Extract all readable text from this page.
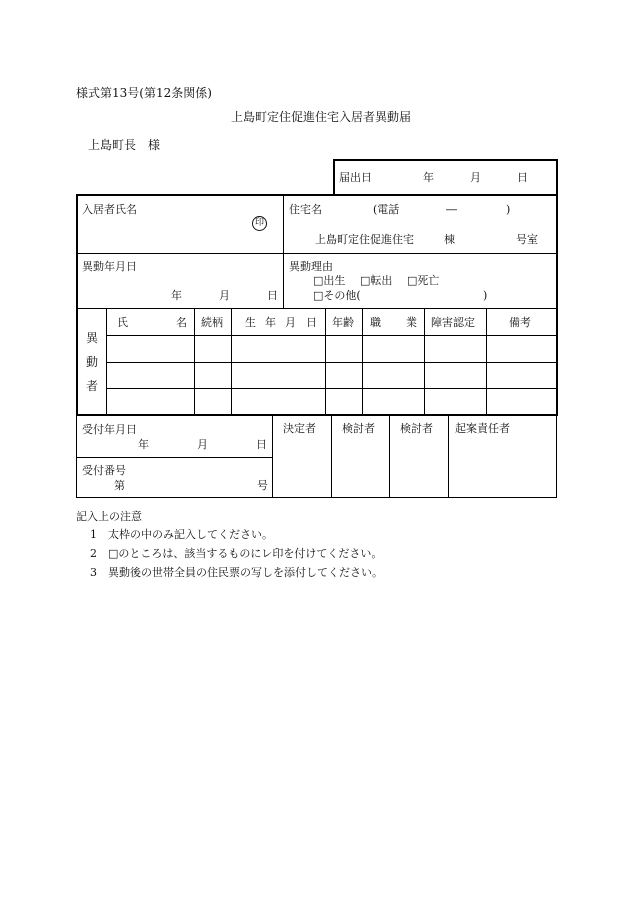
様式第13号(第12条関係)
上島町定住促進住宅入居者異動届
上島町長　様
届出日	年	月	日
入居者氏名
印
住宅名	(電話	―	)
上島町定住促進住宅	棟	号室
異動年月日
年	月	日
異動理由
□出生 □転出 □死亡
□その他(	)
異
動
者
氏	名 続柄 生 年 月 日 年齢 職 業 障害認定	備考
受付年月日
年	月	日
受付番号
第	号
決定者 検討者 検討者 起案責任者
記入上の注意
1 太枠の中のみ記入してください。
2 □のところは、該当するものにレ印を付けてください。
3 異動後の世帯全員の住民票の写しを添付してください。
